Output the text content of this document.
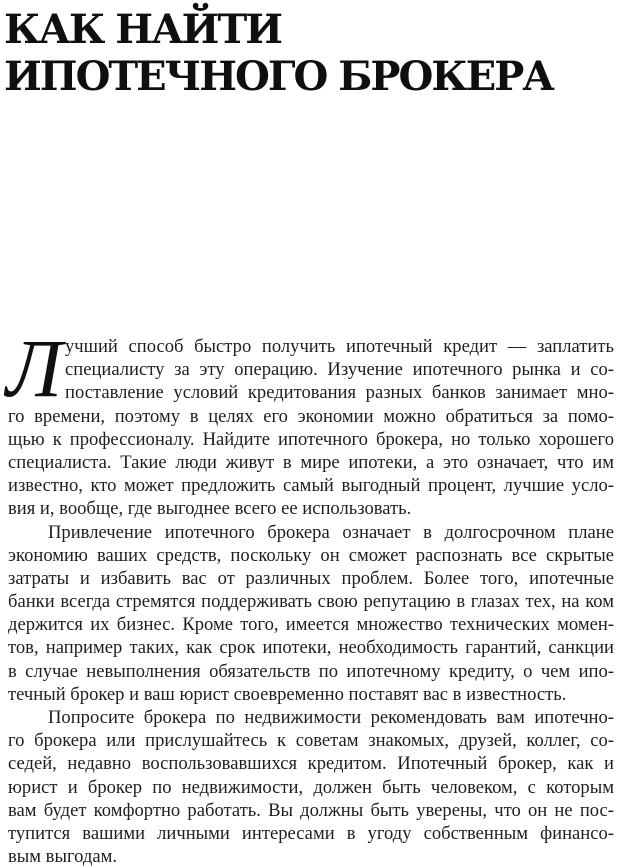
КАК НАЙТИ
ИПОТЕЧНОГО БРОКЕРА
Л учший способ быстро получить ипотечный кредит — заплатить
специалисту за эту операцию. Изучение ипотечного рынка и со-
поставление условий кредитования разных банков занимает мно-
го времени, поэтому в целях его экономии можно обратиться за помо-
щью к профессионалу. Найдите ипотечного брокера, но только хорошего
специалиста. Такие люди живут в мире ипотеки, а это означает, что им
известно, кто может предложить самый выгодный процент, лучшие усло-
вия и, вообще, где выгоднее всего ее использовать.
Привлечение ипотечного брокера означает в долгосрочном плане
экономию ваших средств, поскольку он сможет распознать все скрытые
затраты и избавить вас от различных проблем. Более того, ипотечные
банки всегда стремятся поддерживать свою репутацию в глазах тех, на ком
держится их бизнес. Кроме того, имеется множество технических момен-
тов, например таких, как срок ипотеки, необходимость гарантий, санкции
в случае невыполнения обязательств по ипотечному кредиту, о чем ипо-
течный брокер и ваш юрист своевременно поставят вас в известность.
Попросите брокера по недвижимости рекомендовать вам ипотечно-
го брокера или прислушайтесь к советам знакомых, друзей, коллег, со-
седей, недавно воспользовавшихся кредитом. Ипотечный брокер, как и
юрист и брокер по недвижимости, должен быть человеком, с которым
вам будет комфортно работать. Вы должны быть уверены, что он не пос-
тупится вашими личными интересами в угоду собственным финансо-
вым выгодам.
